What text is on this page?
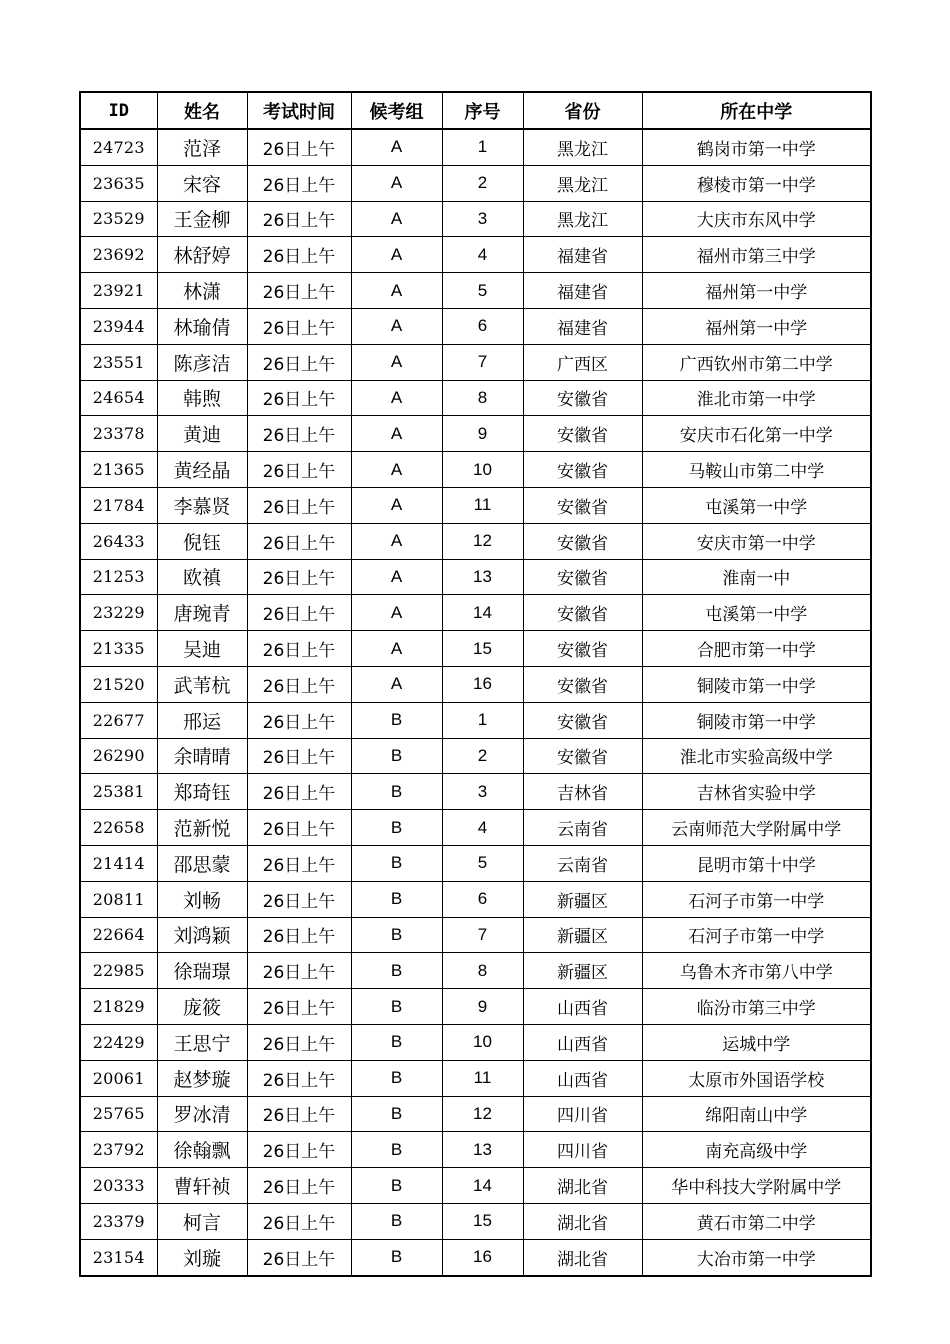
ID	姓名	考试时间	候考组	序号	省份	所在中学
24723	范泽	26日上午	A	1	黑龙江	鹤岗市第一中学
23635	宋容	26日上午	A	2	黑龙江	穆棱市第一中学
23529	王金柳	26日上午	A	3	黑龙江	大庆市东风中学
23692	林舒婷	26日上午	A	4	福建省	福州市第三中学
23921	林潇	26日上午	A	5	福建省	福州第一中学
23944	林瑜倩	26日上午	A	6	福建省	福州第一中学
23551	陈彦洁	26日上午	A	7	广西区	广西钦州市第二中学
24654	韩煦	26日上午	A	8	安徽省	淮北市第一中学
23378	黄迪	26日上午	A	9	安徽省	安庆市石化第一中学
21365	黄经晶	26日上午	A	10	安徽省	马鞍山市第二中学
21784	李慕贤	26日上午	A	11	安徽省	屯溪第一中学
26433	倪钰	26日上午	A	12	安徽省	安庆市第一中学
21253	欧禛	26日上午	A	13	安徽省	淮南一中
23229	唐琬青	26日上午	A	14	安徽省	屯溪第一中学
21335	吴迪	26日上午	A	15	安徽省	合肥市第一中学
21520	武苇杭	26日上午	A	16	安徽省	铜陵市第一中学
22677	邢运	26日上午	B	1	安徽省	铜陵市第一中学
26290	余晴晴	26日上午	B	2	安徽省	淮北市实验高级中学
25381	郑琦钰	26日上午	B	3	吉林省	吉林省实验中学
22658	范新悦	26日上午	B	4	云南省	云南师范大学附属中学
21414	邵思蒙	26日上午	B	5	云南省	昆明市第十中学
20811	刘畅	26日上午	B	6	新疆区	石河子市第一中学
22664	刘鸿颖	26日上午	B	7	新疆区	石河子市第一中学
22985	徐瑞璟	26日上午	B	8	新疆区	乌鲁木齐市第八中学
21829	庞筱	26日上午	B	9	山西省	临汾市第三中学
22429	王思宁	26日上午	B	10	山西省	运城中学
20061	赵梦璇	26日上午	B	11	山西省	太原市外国语学校
25765	罗冰清	26日上午	B	12	四川省	绵阳南山中学
23792	徐翰飘	26日上午	B	13	四川省	南充高级中学
20333	曹轩祯	26日上午	B	14	湖北省	华中科技大学附属中学
23379	柯言	26日上午	B	15	湖北省	黄石市第二中学
23154	刘璇	26日上午	B	16	湖北省	大冶市第一中学
